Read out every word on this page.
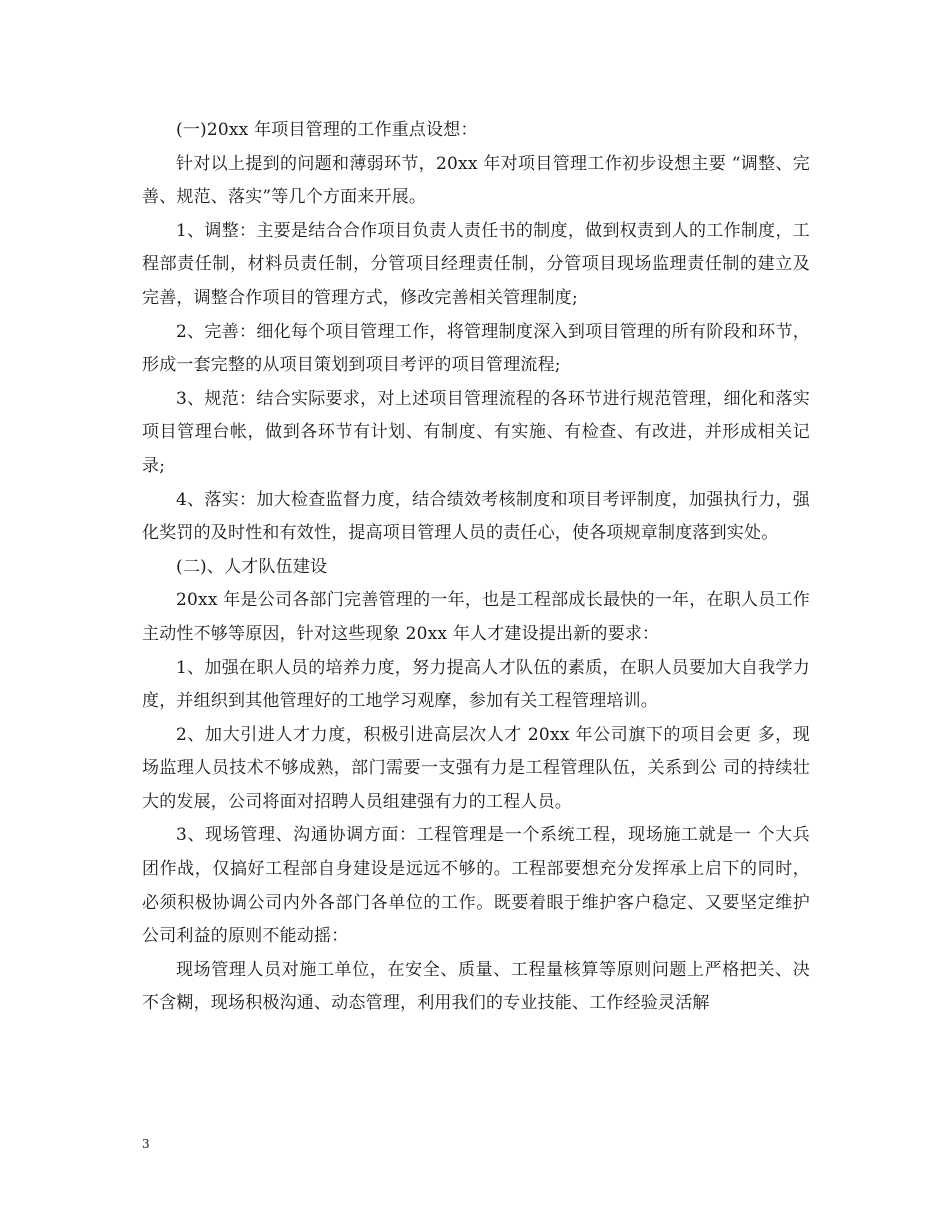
(一)20xx 年项目管理的工作重点设想：

针对以上提到的问题和薄弱环节，20xx 年对项目管理工作初步设想主要 “调整、完善、规范、落实”等几个方面来开展。

1、调整：主要是结合合作项目负责人责任书的制度，做到权责到人的工作制度，工程部责任制，材料员责任制，分管项目经理责任制，分管项目现场监理责任制的建立及完善，调整合作项目的管理方式，修改完善相关管理制度;

2、完善：细化每个项目管理工作，将管理制度深入到项目管理的所有阶段和环节，形成一套完整的从项目策划到项目考评的项目管理流程;

3、规范：结合实际要求，对上述项目管理流程的各环节进行规范管理，细化和落实项目管理台帐，做到各环节有计划、有制度、有实施、有检查、有改进，并形成相关记录;

4、落实：加大检查监督力度，结合绩效考核制度和项目考评制度，加强执行力，强化奖罚的及时性和有效性，提高项目管理人员的责任心，使各项规章制度落到实处。

(二)、人才队伍建设

20xx 年是公司各部门完善管理的一年，也是工程部成长最快的一年，在职人员工作主动性不够等原因，针对这些现象 20xx 年人才建设提出新的要求：

1、加强在职人员的培养力度，努力提高人才队伍的素质，在职人员要加大自我学力度，并组织到其他管理好的工地学习观摩，参加有关工程管理培训。

2、加大引进人才力度，积极引进高层次人才 20xx 年公司旗下的项目会更 多，现场监理人员技术不够成熟，部门需要一支强有力是工程管理队伍，关系到公 司的持续壮大的发展，公司将面对招聘人员组建强有力的工程人员。

3、现场管理、沟通协调方面：工程管理是一个系统工程，现场施工就是一 个大兵团作战，仅搞好工程部自身建设是远远不够的。工程部要想充分发挥承上启下的同时，必须积极协调公司内外各部门各单位的工作。既要着眼于维护客户稳定、又要坚定维护公司利益的原则不能动摇：

现场管理人员对施工单位，在安全、质量、工程量核算等原则问题上严格把关、决不含糊，现场积极沟通、动态管理，利用我们的专业技能、工作经验灵活解

3
